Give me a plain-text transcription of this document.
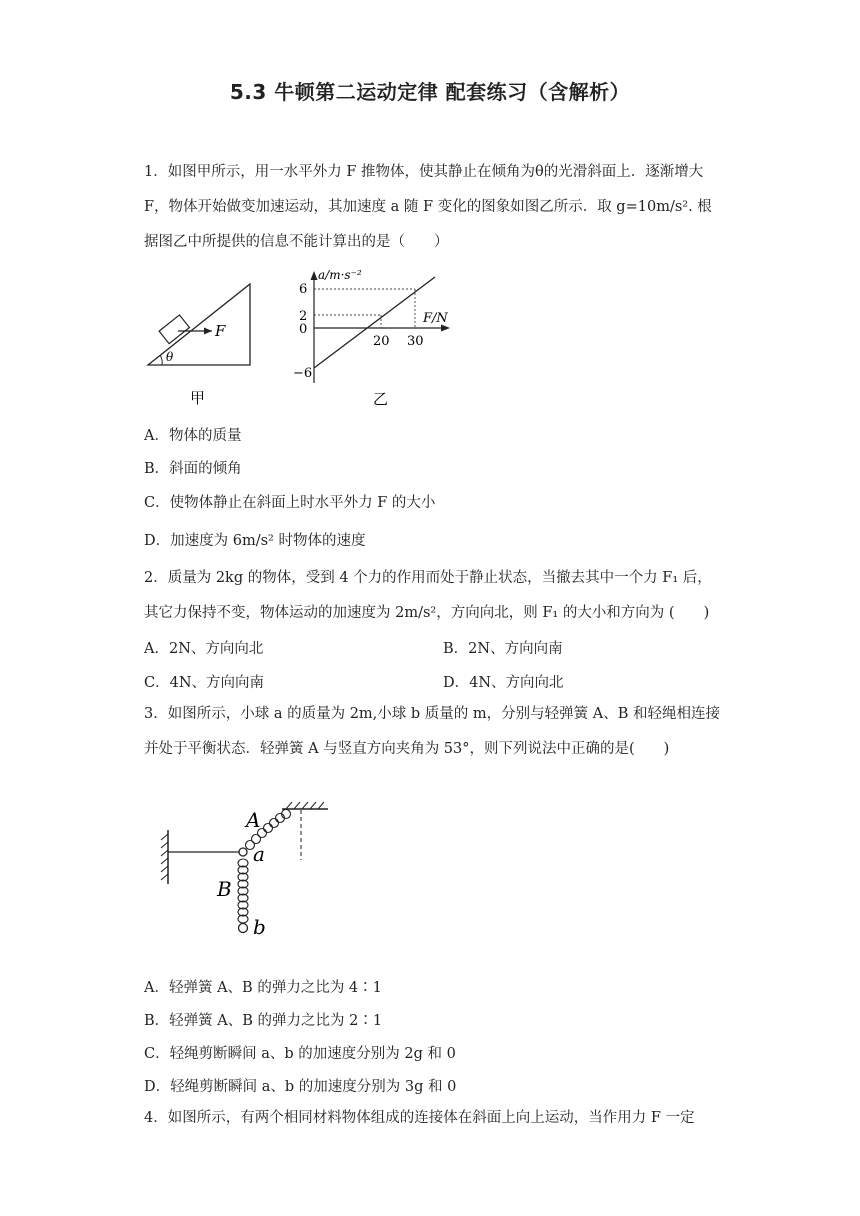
5.3 牛顿第二运动定律 配套练习（含解析）
1．如图甲所示，用一水平外力 F 推物体，使其静止在倾角为θ的光滑斜面上．逐渐增大
F，物体开始做变加速运动，其加速度 a 随 F 变化的图象如图乙所示．取 g=10m/s². 根
据图乙中所提供的信息不能计算出的是（　　）
F
θ
甲
a/m·s⁻²
F/N
6
2
0
−6
20 30
乙
A．物体的质量
B．斜面的倾角
C．使物体静止在斜面上时水平外力 F 的大小
D．加速度为 6m/s² 时物体的速度
2．质量为 2kg 的物体，受到 4 个力的作用而处于静止状态，当撤去其中一个力 F₁ 后，
其它力保持不变，物体运动的加速度为 2m/s²，方向向北，则 F₁ 的大小和方向为 (　　)
A．2N、方向向北	B．2N、方向向南
C．4N、方向向南	D．4N、方向向北
3．如图所示，小球 a 的质量为 2m,小球 b 质量的 m，分别与轻弹簧 A、B 和轻绳相连接
并处于平衡状态．轻弹簧 A 与竖直方向夹角为 53°，则下列说法中正确的是(　　)
A
a
B
b
A．轻弹簧 A、B 的弹力之比为 4∶1
B．轻弹簧 A、B 的弹力之比为 2∶1
C．轻绳剪断瞬间 a、b 的加速度分别为 2g 和 0
D．轻绳剪断瞬间 a、b 的加速度分别为 3g 和 0
4．如图所示，有两个相同材料物体组成的连接体在斜面上向上运动，当作用力 F 一定
